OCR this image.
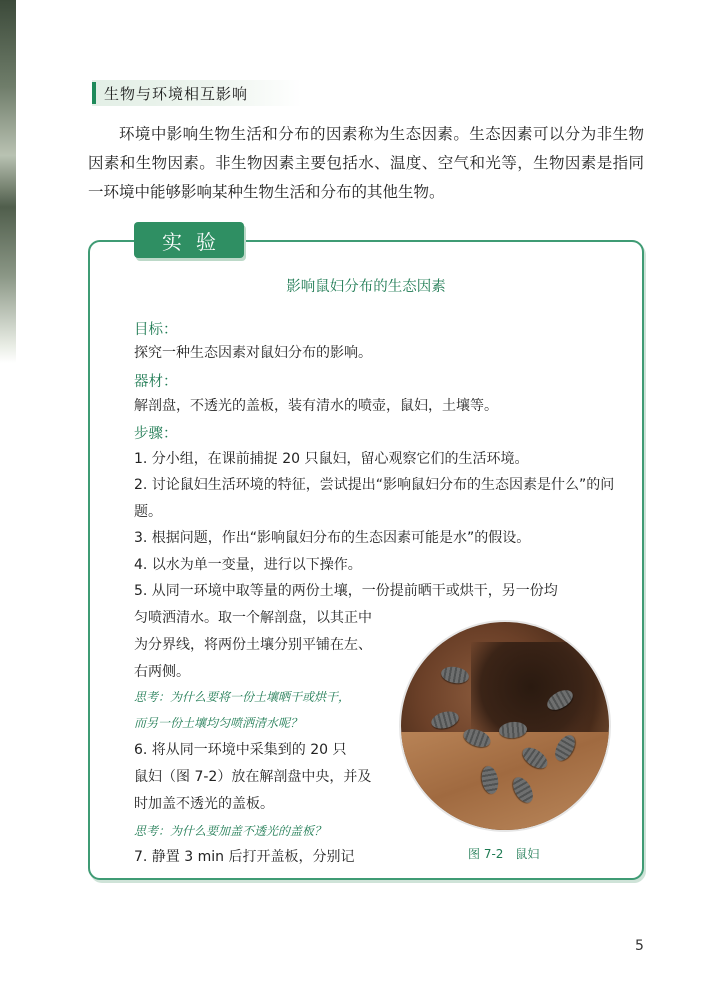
生物与环境相互影响

环境中影响生物生活和分布的因素称为生态因素。生态因素可以分为非生物因素和生物因素。非生物因素主要包括水、温度、空气和光等，生物因素是指同一环境中能够影响某种生物生活和分布的其他生物。

实验
影响鼠妇分布的生态因素
目标：
探究一种生态因素对鼠妇分布的影响。
器材：
解剖盘，不透光的盖板，装有清水的喷壶，鼠妇，土壤等。
步骤：
1. 分小组，在课前捕捉 20 只鼠妇，留心观察它们的生活环境。
2. 讨论鼠妇生活环境的特征，尝试提出“影响鼠妇分布的生态因素是什么”的问题。
3. 根据问题，作出“影响鼠妇分布的生态因素可能是水”的假设。
4. 以水为单一变量，进行以下操作。
5. 从同一环境中取等量的两份土壤，一份提前晒干或烘干，另一份均
匀喷洒清水。取一个解剖盘，以其正中
为分界线，将两份土壤分别平铺在左、
右两侧。
思考：为什么要将一份土壤晒干或烘干，
而另一份土壤均匀喷洒清水呢？
6. 将从同一环境中采集到的 20 只
鼠妇（图 7-2）放在解剖盘中央，并及
时加盖不透光的盖板。
思考：为什么要加盖不透光的盖板？
7. 静置 3 min 后打开盖板，分别记	图 7-2　鼠妇
5
